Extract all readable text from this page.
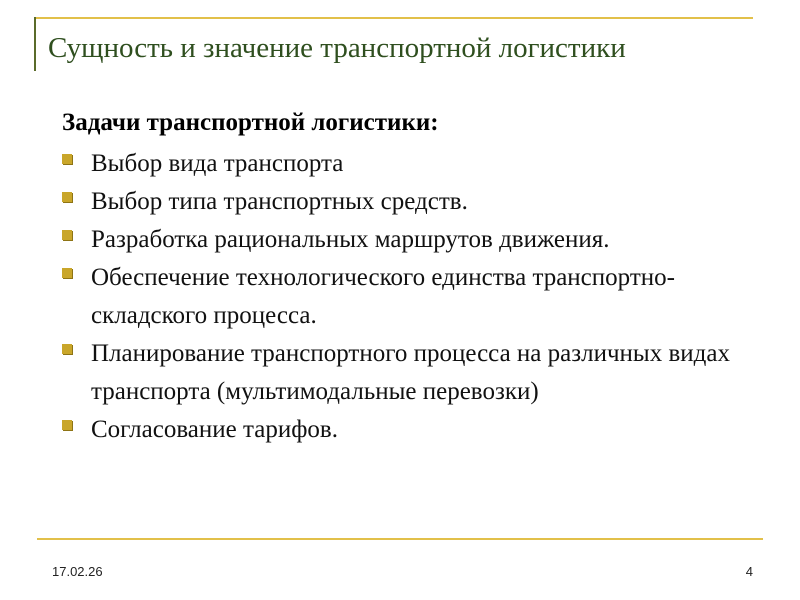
Сущность и значение транспортной логистики
Задачи транспортной логистики:
Выбор вида транспорта
Выбор типа транспортных средств.
Разработка рациональных маршрутов движения.
Обеспечение технологического единства транспортно-складского процесса.
Планирование транспортного процесса на различных видах транспорта (мультимодальные перевозки)
Согласование тарифов.
17.02.26	4
